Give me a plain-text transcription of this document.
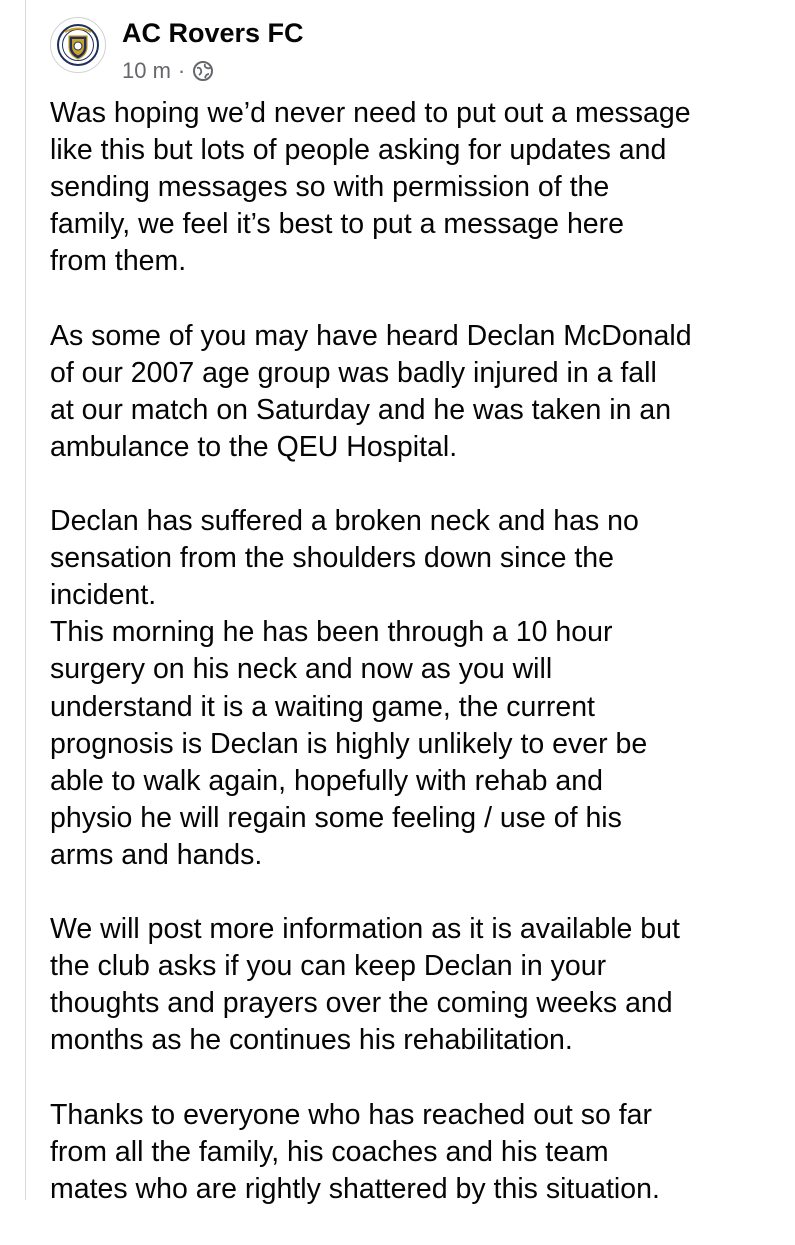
AC Rovers FC
10 m ·

Was hoping we’d never need to put out a message
like this but lots of people asking for updates and
sending messages so with permission of the
family, we feel it’s best to put a message here
from them.

As some of you may have heard Declan McDonald
of our 2007 age group was badly injured in a fall
at our match on Saturday and he was taken in an
ambulance to the QEU Hospital.

Declan has suffered a broken neck and has no
sensation from the shoulders down since the
incident.
This morning he has been through a 10 hour
surgery on his neck and now as you will
understand it is a waiting game, the current
prognosis is Declan is highly unlikely to ever be
able to walk again, hopefully with rehab and
physio he will regain some feeling / use of his
arms and hands.

We will post more information as it is available but
the club asks if you can keep Declan in your
thoughts and prayers over the coming weeks and
months as he continues his rehabilitation.

Thanks to everyone who has reached out so far
from all the family, his coaches and his team
mates who are rightly shattered by this situation.
